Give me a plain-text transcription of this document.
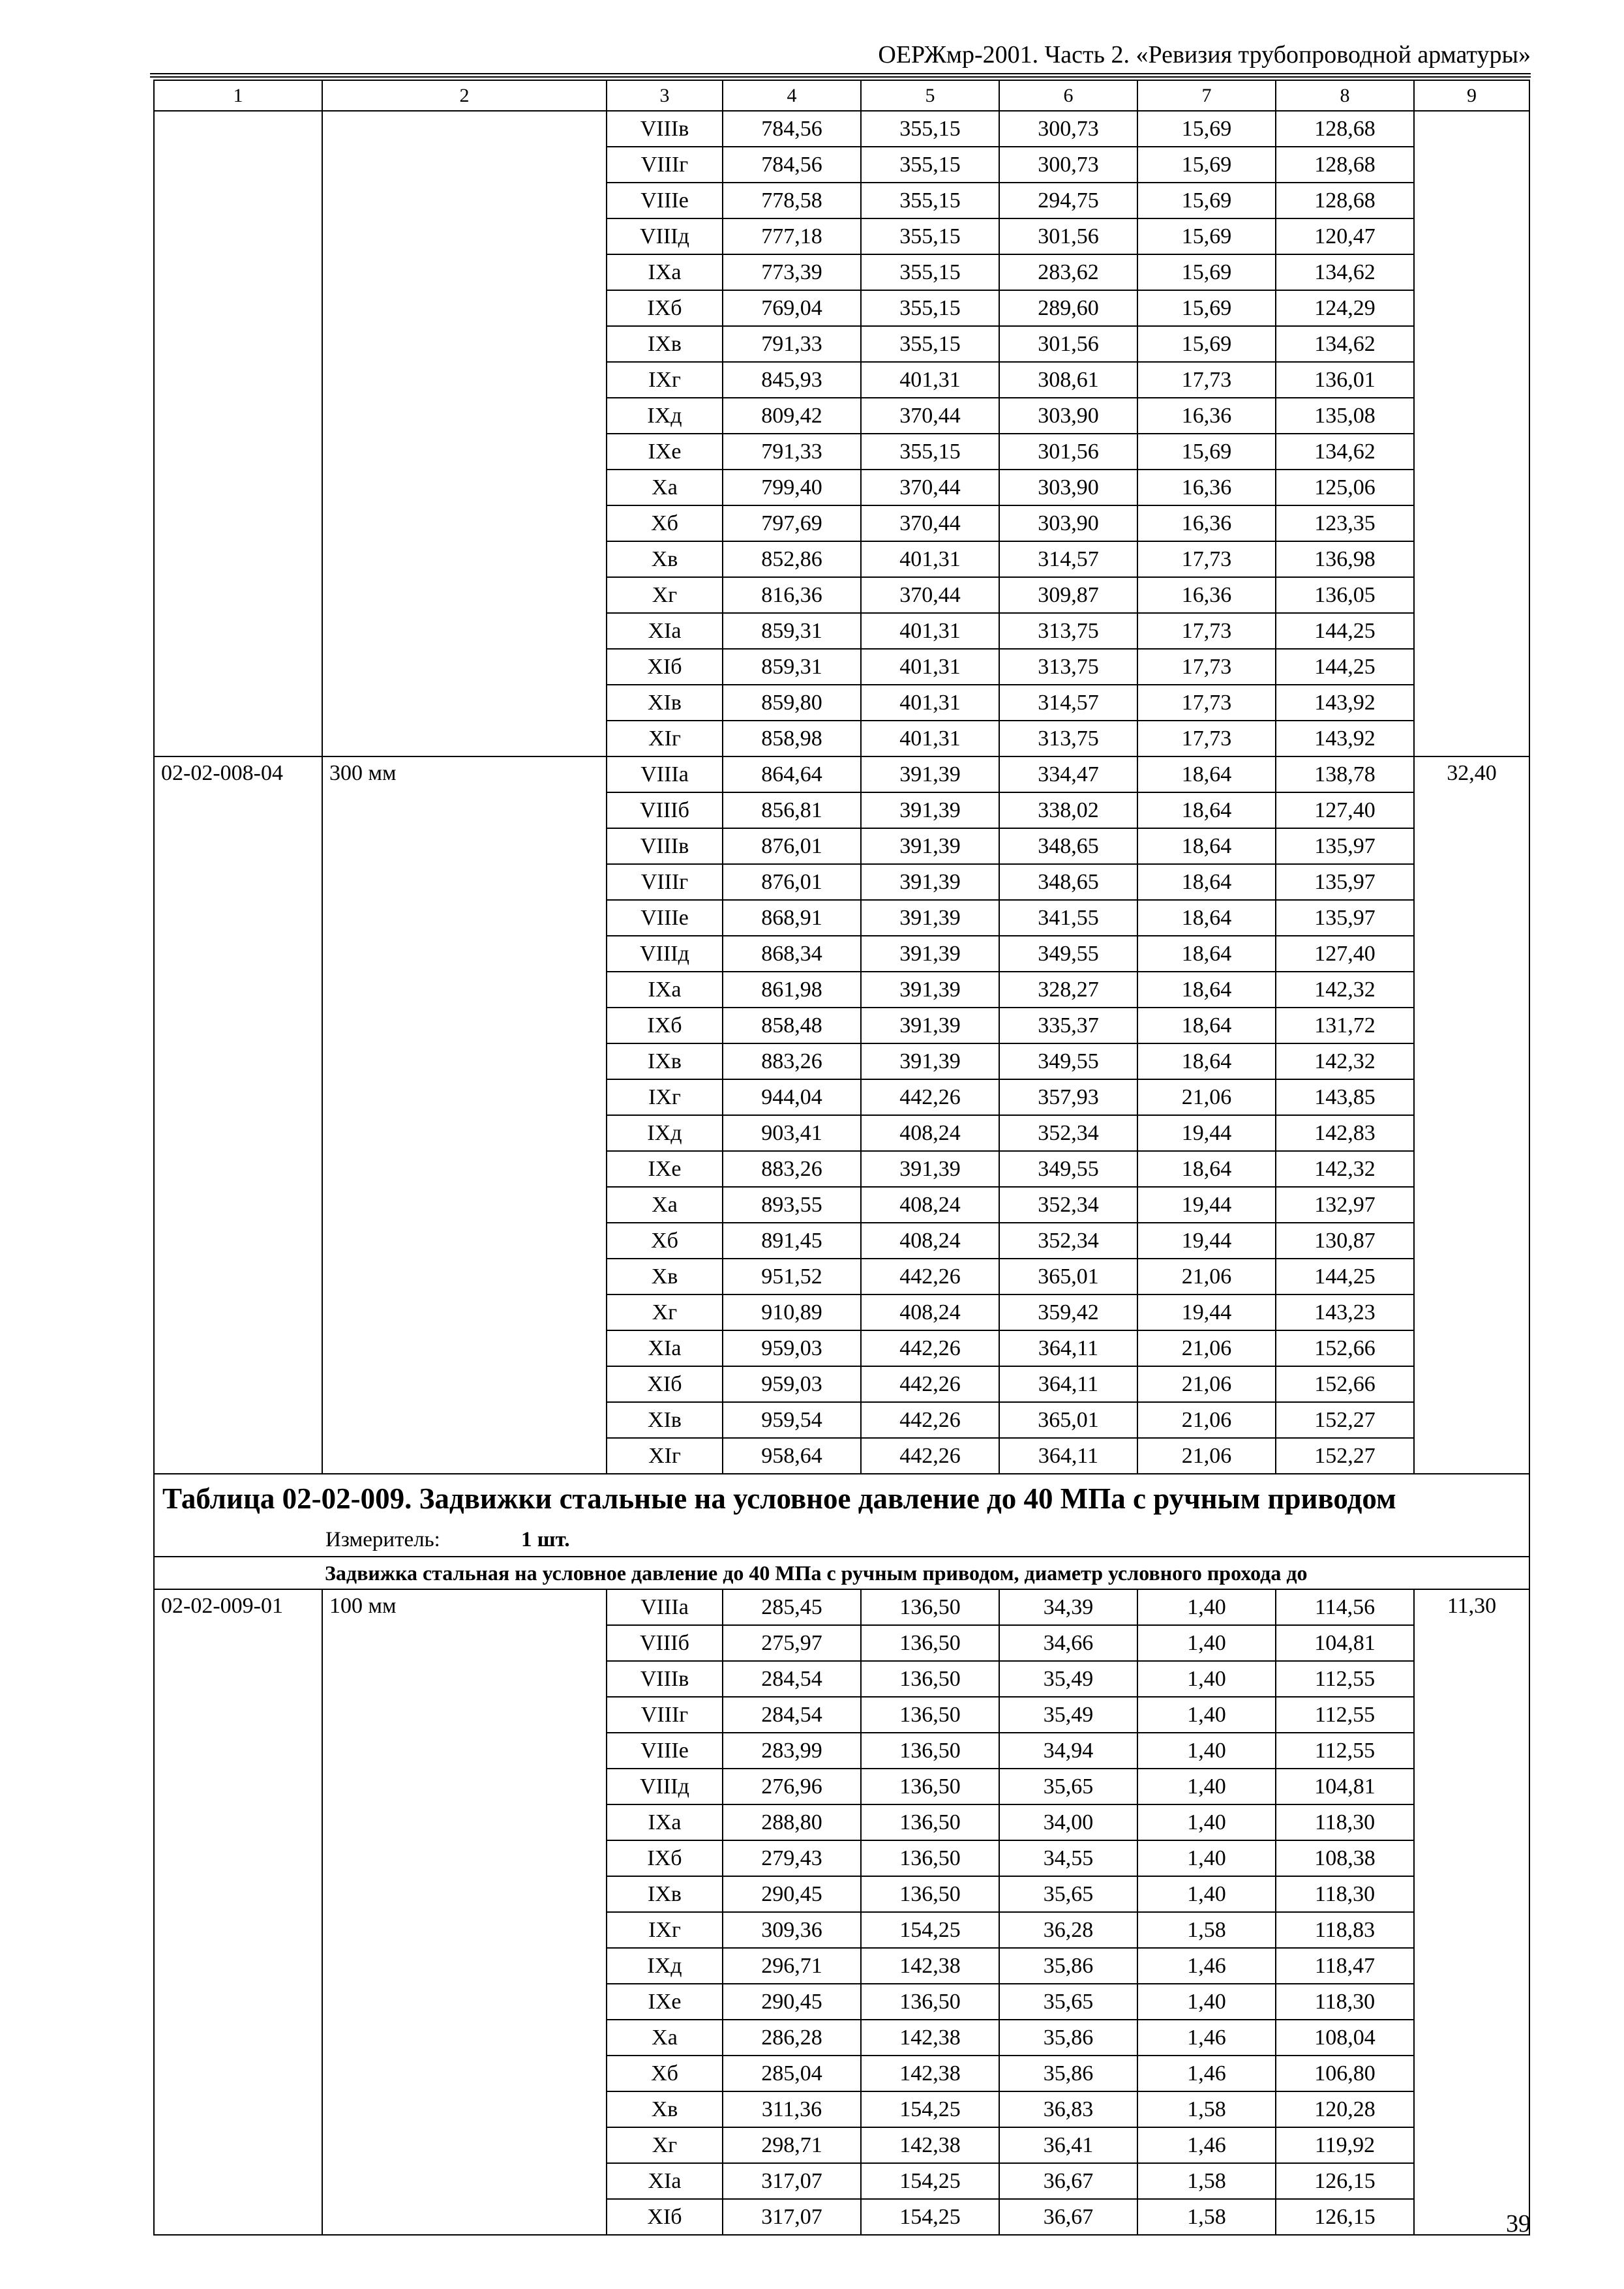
ОЕРЖмр-2001. Часть 2. «Ревизия трубопроводной арматуры»
1	2	3	4	5	6	7	8	9
		VIIIв	784,56	355,15	300,73	15,69	128,68	
		VIIIг	784,56	355,15	300,73	15,69	128,68	
		VIIIе	778,58	355,15	294,75	15,69	128,68	
		VIIIд	777,18	355,15	301,56	15,69	120,47	
		IXа	773,39	355,15	283,62	15,69	134,62	
		IXб	769,04	355,15	289,60	15,69	124,29	
		IXв	791,33	355,15	301,56	15,69	134,62	
		IXг	845,93	401,31	308,61	17,73	136,01	
		IXд	809,42	370,44	303,90	16,36	135,08	
		IXе	791,33	355,15	301,56	15,69	134,62	
		Xа	799,40	370,44	303,90	16,36	125,06	
		Xб	797,69	370,44	303,90	16,36	123,35	
		Xв	852,86	401,31	314,57	17,73	136,98	
		Xг	816,36	370,44	309,87	16,36	136,05	
		XIа	859,31	401,31	313,75	17,73	144,25	
		XIб	859,31	401,31	313,75	17,73	144,25	
		XIв	859,80	401,31	314,57	17,73	143,92	
		XIг	858,98	401,31	313,75	17,73	143,92	
02-02-008-04	300 мм	VIIIа	864,64	391,39	334,47	18,64	138,78	32,40
		VIIIб	856,81	391,39	338,02	18,64	127,40	
		VIIIв	876,01	391,39	348,65	18,64	135,97	
		VIIIг	876,01	391,39	348,65	18,64	135,97	
		VIIIе	868,91	391,39	341,55	18,64	135,97	
		VIIIд	868,34	391,39	349,55	18,64	127,40	
		IXа	861,98	391,39	328,27	18,64	142,32	
		IXб	858,48	391,39	335,37	18,64	131,72	
		IXв	883,26	391,39	349,55	18,64	142,32	
		IXг	944,04	442,26	357,93	21,06	143,85	
		IXд	903,41	408,24	352,34	19,44	142,83	
		IXе	883,26	391,39	349,55	18,64	142,32	
		Xа	893,55	408,24	352,34	19,44	132,97	
		Xб	891,45	408,24	352,34	19,44	130,87	
		Xв	951,52	442,26	365,01	21,06	144,25	
		Xг	910,89	408,24	359,42	19,44	143,23	
		XIа	959,03	442,26	364,11	21,06	152,66	
		XIб	959,03	442,26	364,11	21,06	152,66	
		XIв	959,54	442,26	365,01	21,06	152,27	
		XIг	958,64	442,26	364,11	21,06	152,27	
Таблица 02-02-009. Задвижки стальные на условное давление до 40 МПа с ручным приводом								
Измеритель: 1 шт.								
Задвижка стальная на условное давление до 40 МПа с ручным приводом, диаметр условного прохода до								
02-02-009-01	100 мм	VIIIа	285,45	136,50	34,39	1,40	114,56	11,30
		VIIIб	275,97	136,50	34,66	1,40	104,81	
		VIIIв	284,54	136,50	35,49	1,40	112,55	
		VIIIг	284,54	136,50	35,49	1,40	112,55	
		VIIIе	283,99	136,50	34,94	1,40	112,55	
		VIIIд	276,96	136,50	35,65	1,40	104,81	
		IXа	288,80	136,50	34,00	1,40	118,30	
		IXб	279,43	136,50	34,55	1,40	108,38	
		IXв	290,45	136,50	35,65	1,40	118,30	
		IXг	309,36	154,25	36,28	1,58	118,83	
		IXд	296,71	142,38	35,86	1,46	118,47	
		IXе	290,45	136,50	35,65	1,40	118,30	
		Xа	286,28	142,38	35,86	1,46	108,04	
		Xб	285,04	142,38	35,86	1,46	106,80	
		Xв	311,36	154,25	36,83	1,58	120,28	
		Xг	298,71	142,38	36,41	1,46	119,92	
		XIа	317,07	154,25	36,67	1,58	126,15	
		XIб	317,07	154,25	36,67	1,58	126,15		39
